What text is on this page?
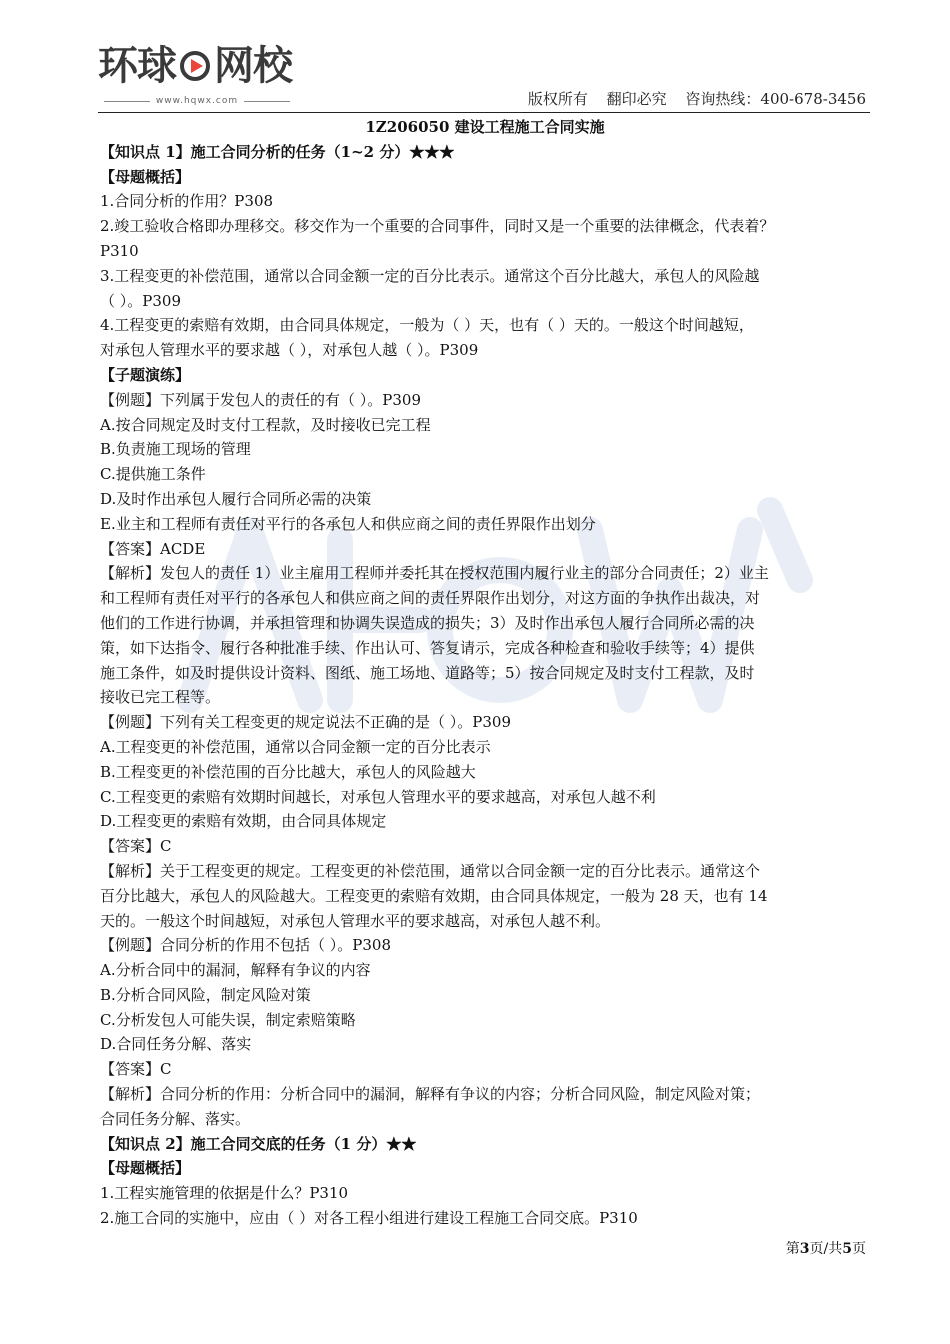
环球 网校
www.hqwx.com	版权所有 翻印必究 咨询热线：400-678-3456
1Z206050 建设工程施工合同实施
【知识点 1】施工合同分析的任务（1~2 分）★★★
【母题概括】
1.合同分析的作用？P308
2.竣工验收合格即办理移交。移交作为一个重要的合同事件，同时又是一个重要的法律概念，代表着？
P310
3.工程变更的补偿范围，通常以合同金额一定的百分比表示。通常这个百分比越大，承包人的风险越
（ ）。P309
4.工程变更的索赔有效期，由合同具体规定，一般为（ ）天，也有（ ）天的。一般这个时间越短，
对承包人管理水平的要求越（ ），对承包人越（ ）。P309
【子题演练】
【例题】下列属于发包人的责任的有（ ）。P309
A.按合同规定及时支付工程款，及时接收已完工程
B.负责施工现场的管理
C.提供施工条件
D.及时作出承包人履行合同所必需的决策
E.业主和工程师有责任对平行的各承包人和供应商之间的责任界限作出划分
【答案】ACDE
【解析】发包人的责任 1）业主雇用工程师并委托其在授权范围内履行业主的部分合同责任；2）业主
和工程师有责任对平行的各承包人和供应商之间的责任界限作出划分，对这方面的争执作出裁决，对
他们的工作进行协调，并承担管理和协调失误造成的损失；3）及时作出承包人履行合同所必需的决
策，如下达指令、履行各种批准手续、作出认可、答复请示，完成各种检查和验收手续等；4）提供
施工条件，如及时提供设计资料、图纸、施工场地、道路等；5）按合同规定及时支付工程款，及时
接收已完工程等。
【例题】下列有关工程变更的规定说法不正确的是（ ）。P309
A.工程变更的补偿范围，通常以合同金额一定的百分比表示
B.工程变更的补偿范围的百分比越大，承包人的风险越大
C.工程变更的索赔有效期时间越长，对承包人管理水平的要求越高，对承包人越不利
D.工程变更的索赔有效期，由合同具体规定
【答案】C
【解析】关于工程变更的规定。工程变更的补偿范围，通常以合同金额一定的百分比表示。通常这个
百分比越大，承包人的风险越大。工程变更的索赔有效期，由合同具体规定，一般为 28 天，也有 14
天的。一般这个时间越短，对承包人管理水平的要求越高，对承包人越不利。
【例题】合同分析的作用不包括（ ）。P308
A.分析合同中的漏洞，解释有争议的内容
B.分析合同风险，制定风险对策
C.分析发包人可能失误，制定索赔策略
D.合同任务分解、落实
【答案】C
【解析】合同分析的作用：分析合同中的漏洞，解释有争议的内容；分析合同风险，制定风险对策；
合同任务分解、落实。
【知识点 2】施工合同交底的任务（1 分）★★
【母题概括】
1.工程实施管理的依据是什么？P310
2.施工合同的实施中，应由（ ）对各工程小组进行建设工程施工合同交底。P310
第3页/共5页
